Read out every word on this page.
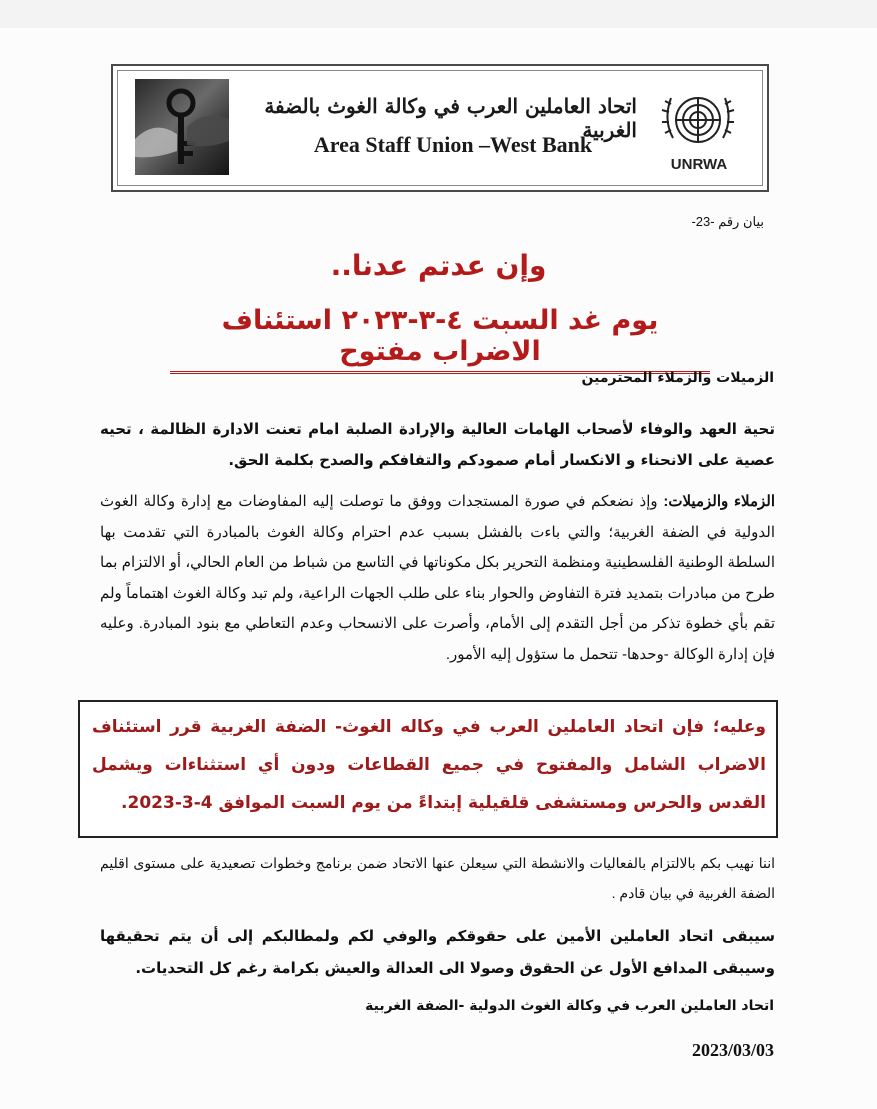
اتحاد العاملين العرب في وكالة الغوث بالضفة الغربية
Area Staff Union –West Bank
UNRWA
بيان رقم -23-
وإن عدتم عدنا..
يوم غد السبت ٤-٣-٢٠٢٣ استئناف الاضراب مفتوح
الزميلات والزملاء المحترمين
تحية العهد والوفاء لأصحاب الهامات العالية والإرادة الصلبة امام تعنت الادارة الظالمة ، تحيه عصية على الانحناء و الانكسار أمام صمودكم والتفافكم والصدح بكلمة الحق.
الزملاء والزميلات: وإذ نضعكم في صورة المستجدات ووفق ما توصلت إليه المفاوضات مع إدارة وكالة الغوث الدولية في الضفة الغربية؛ والتي باءت بالفشل بسبب عدم احترام وكالة الغوث بالمبادرة التي تقدمت بها السلطة الوطنية الفلسطينية ومنظمة التحرير بكل مكوناتها في التاسع من شباط من العام الحالي، أو الالتزام بما طرح من مبادرات بتمديد فترة التفاوض والحوار بناء على طلب الجهات الراعية، ولم تبد وكالة الغوث اهتماماً ولم تقم بأي خطوة تذكر من أجل التقدم إلى الأمام، وأصرت على الانسحاب وعدم التعاطي مع بنود المبادرة. وعليه فإن إدارة الوكالة -وحدها- تتحمل ما ستؤول إليه الأمور.
وعليه؛ فإن اتحاد العاملين العرب في وكاله الغوث- الضفة الغربية قرر استئناف الاضراب الشامل والمفتوح في جميع القطاعات ودون أي استثناءات ويشمل القدس والحرس ومستشفى قلقيلية إبتداءً من يوم السبت الموافق 4-3-2023.
اننا نهيب بكم بالالتزام بالفعاليات والانشطة التي سيعلن عنها الاتحاد ضمن برنامج وخطوات تصعيدية على مستوى اقليم الضفة الغربية في بيان قادم .
سيبقى اتحاد العاملين الأمين على حقوقكم والوفي لكم ولمطالبكم إلى أن يتم تحقيقها وسيبقى المدافع الأول عن الحقوق وصولا الى العدالة والعيش بكرامة رغم كل التحديات.
اتحاد العاملين العرب في وكالة الغوث الدولية -الضفة الغربية
2023/03/03
